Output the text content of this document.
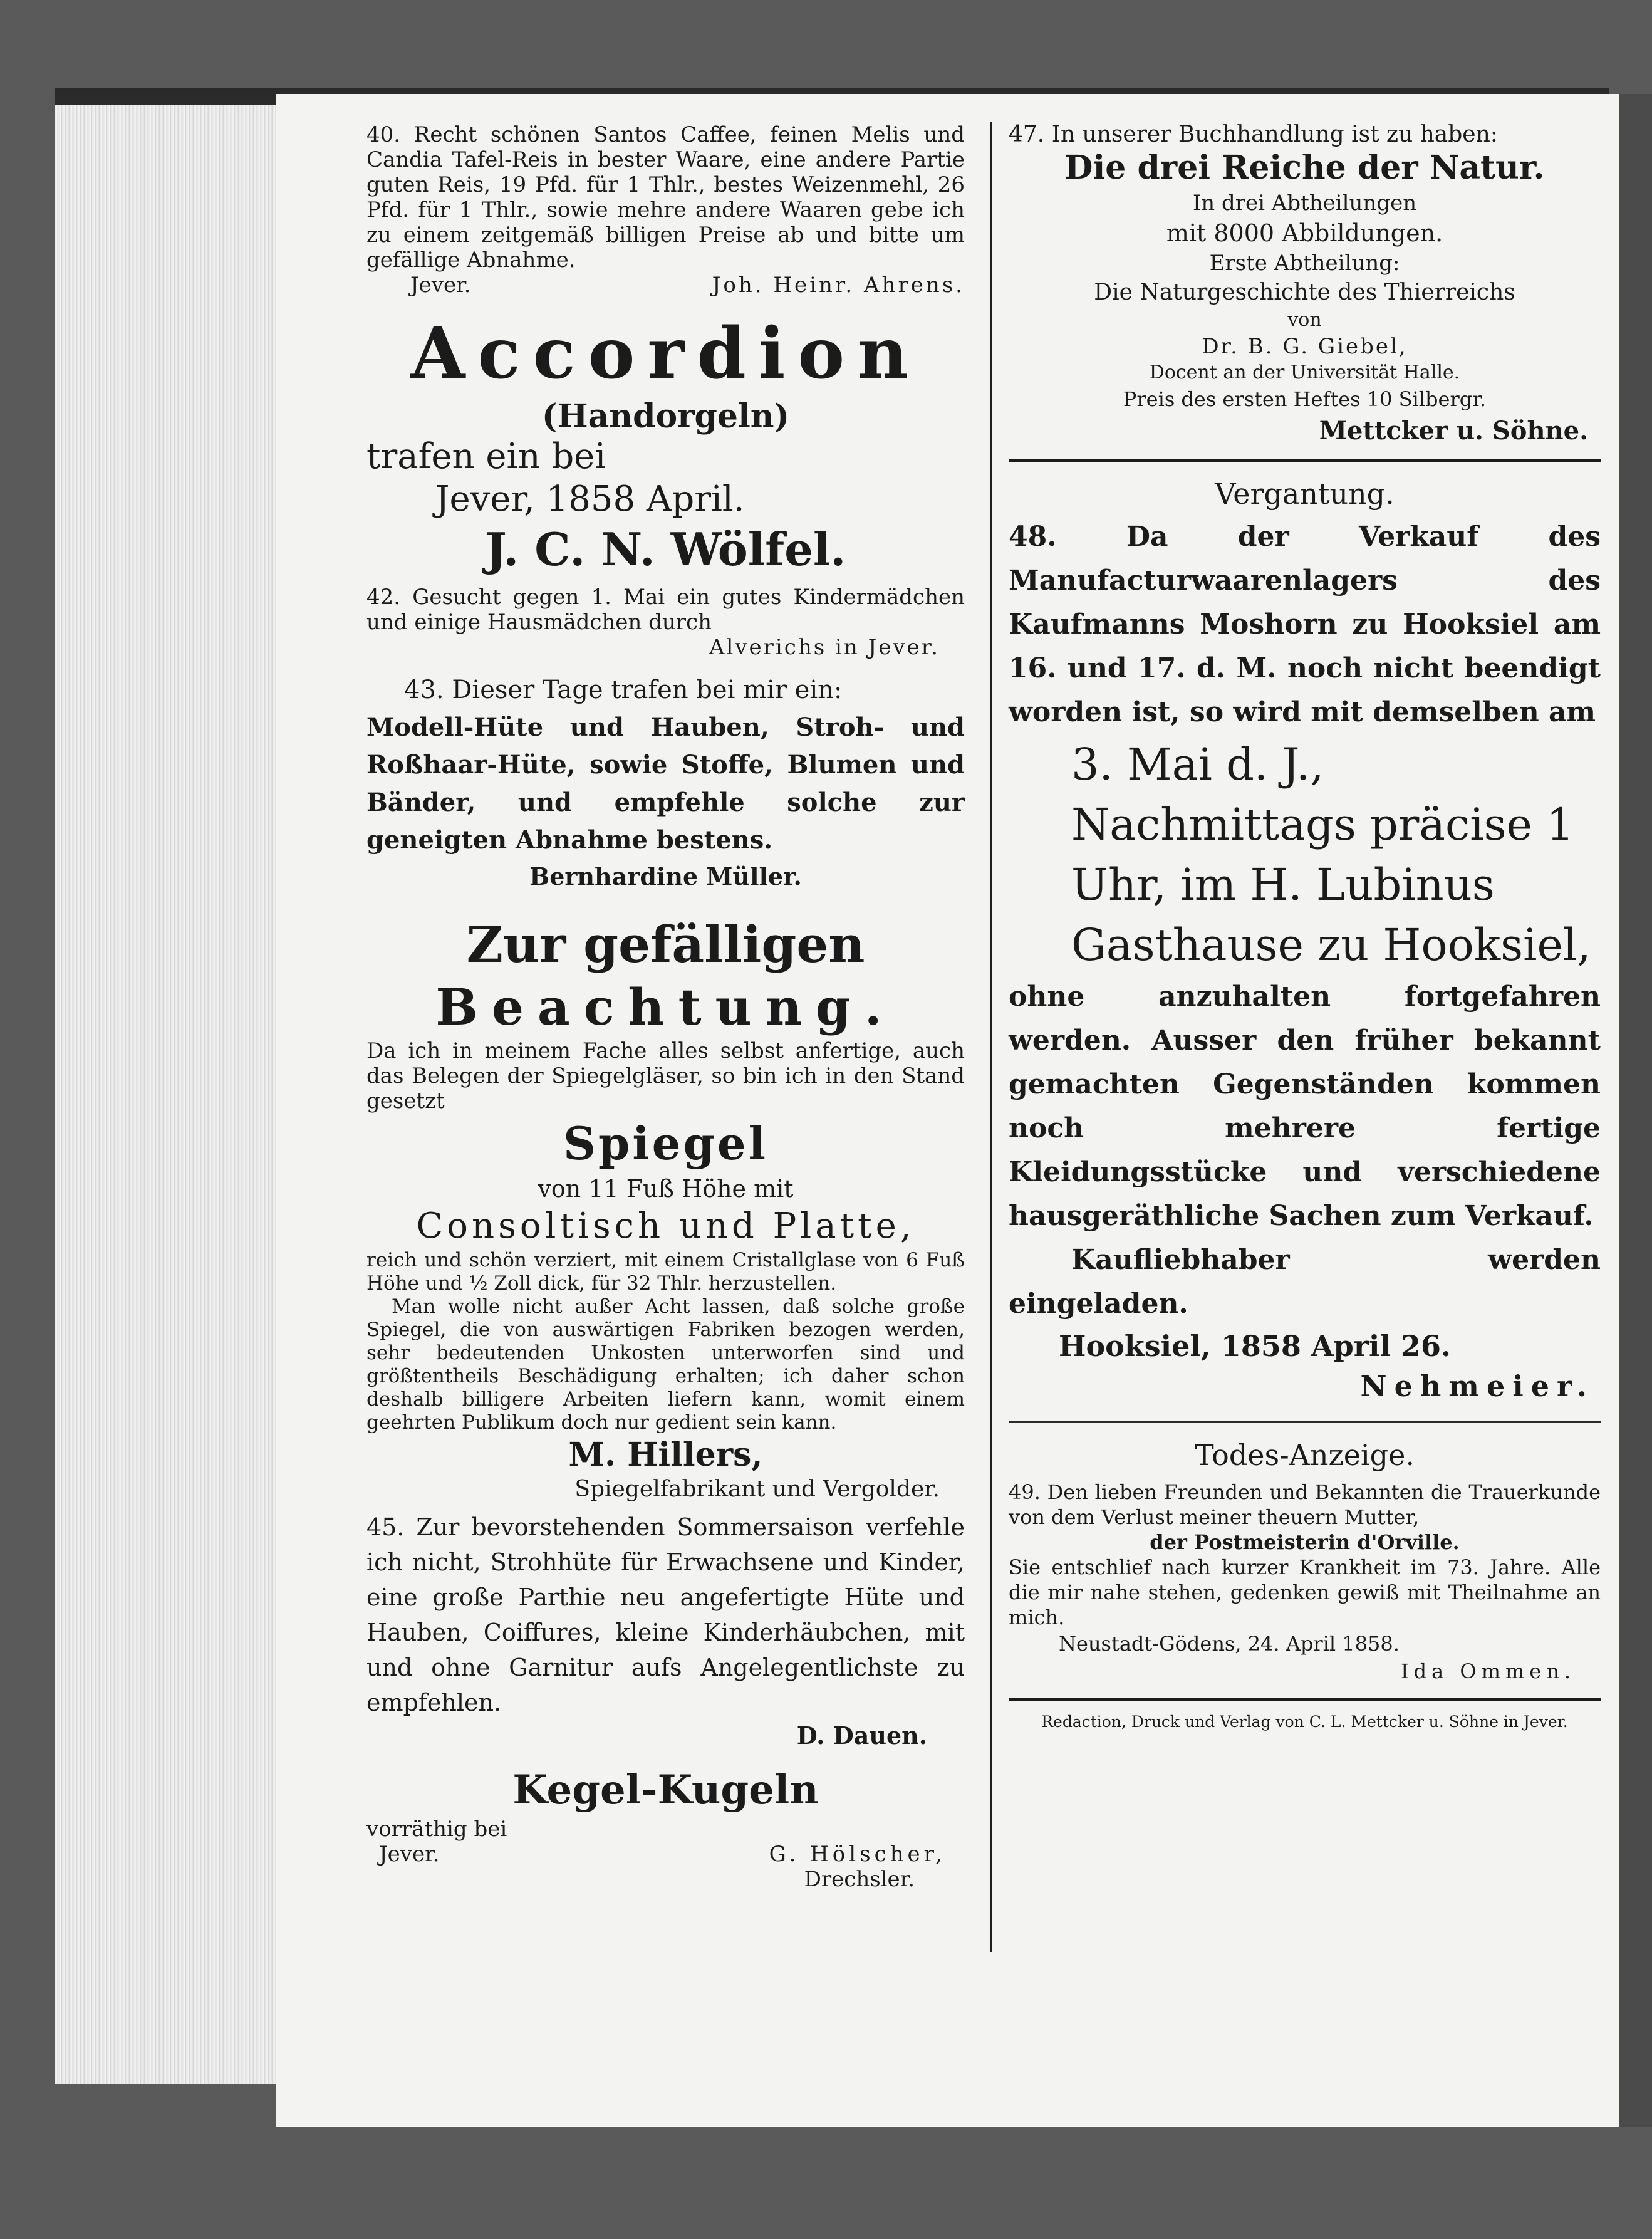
40. Recht schönen Santos Caffee, feinen Melis und Candia Tafel-Reis in bester Waare, eine andere Partie guten Reis, 19 Pfd. für 1 Thlr., bestes Weizenmehl, 26 Pfd. für 1 Thlr., sowie mehre andere Waaren gebe ich zu einem zeitgemäß billigen Preise ab und bitte um gefällige Abnahme.

Jever.	Joh. Heinr. Ahrens.
Accordion
(Handorgeln)
trafen ein bei
Jever, 1858 April.
J. C. N. Wölfel.

42. Gesucht gegen 1. Mai ein gutes Kindermädchen und einige Hausmädchen durch

Alverichs in Jever.

43. Dieser Tage trafen bei mir ein:

Modell-Hüte und Hauben, Stroh- und Roßhaar-Hüte, sowie Stoffe, Blumen und Bänder, und empfehle solche zur geneigten Abnahme bestens.

Bernhardine Müller.
Zur gefälligen
Beachtung.

Da ich in meinem Fache alles selbst anfertige, auch das Belegen der Spiegelgläser, so bin ich in den Stand gesetzt

Spiegel
von 11 Fuß Höhe mit
Consoltisch und Platte,

reich und schön verziert, mit einem Cristallglase von 6 Fuß Höhe und ½ Zoll dick, für 32 Thlr. herzustellen.

Man wolle nicht außer Acht lassen, daß solche große Spiegel, die von auswärtigen Fabriken bezogen werden, sehr bedeutenden Unkosten unterworfen sind und größtentheils Beschädigung erhalten; ich daher schon deshalb billigere Arbeiten liefern kann, womit einem geehrten Publikum doch nur gedient sein kann.

M. Hillers,
Spiegelfabrikant und Vergolder.

45. Zur bevorstehenden Sommersaison verfehle ich nicht, Strohhüte für Erwachsene und Kinder, eine große Parthie neu angefertigte Hüte und Hauben, Coiffures, kleine Kinderhäubchen, mit und ohne Garnitur aufs Angelegentlichste zu empfehlen.

D. Dauen.
Kegel-Kugeln
vorräthig bei
Jever.	G. Hölscher,
Drechsler.

47. In unserer Buchhandlung ist zu haben:

Die drei Reiche der Natur.
In drei Abtheilungen
mit 8000 Abbildungen.
Erste Abtheilung:
Die Naturgeschichte des Thierreichs
von
Dr. B. G. Giebel,
Docent an der Universität Halle.
Preis des ersten Heftes 10 Silbergr.
Mettcker u. Söhne.
Vergantung.

48. Da der Verkauf des Manufacturwaarenlagers des Kaufmanns Moshorn zu Hooksiel am 16. und 17. d. M. noch nicht beendigt worden ist, so wird mit demselben am

3. Mai d. J., Nachmittags präcise 1 Uhr, im H. Lubinus Gasthause zu Hooksiel,

ohne anzuhalten fortgefahren werden. Ausser den früher bekannt gemachten Gegenständen kommen noch mehrere fertige Kleidungsstücke und verschiedene hausgeräthliche Sachen zum Verkauf.

Kaufliebhaber werden eingeladen.

Hooksiel, 1858 April 26.
Nehmeier.
Todes-Anzeige.

49. Den lieben Freunden und Bekannten die Trauerkunde von dem Verlust meiner theuern Mutter,

der Postmeisterin d'Orville.

Sie entschlief nach kurzer Krankheit im 73. Jahre. Alle die mir nahe stehen, gedenken gewiß mit Theilnahme an mich.

Neustadt-Gödens, 24. April 1858.
Ida Ommen.
Redaction, Druck und Verlag von C. L. Mettcker u. Söhne in Jever.
